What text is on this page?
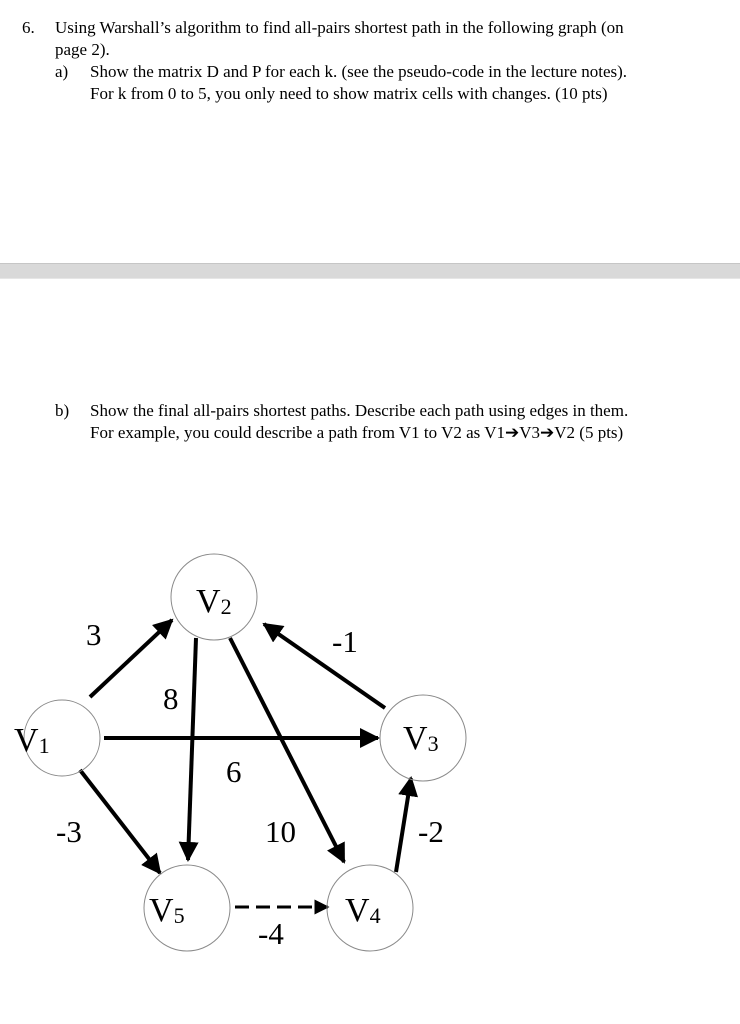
6. Using Warshall’s algorithm to find all-pairs shortest path in the following graph (on
page 2).
a) Show the matrix D and P for each k. (see the pseudo-code in the lecture notes).
For k from 0 to 5, you only need to show matrix cells with changes. (10 pts)
b) Show the final all-pairs shortest paths. Describe each path using edges in them.
For example, you could describe a path from V1 to V2 as V1➔V3➔V2 (5 pts)
V1
V2
V3
V4
V5
3
8
6
-1
-3	10	-2
-4
